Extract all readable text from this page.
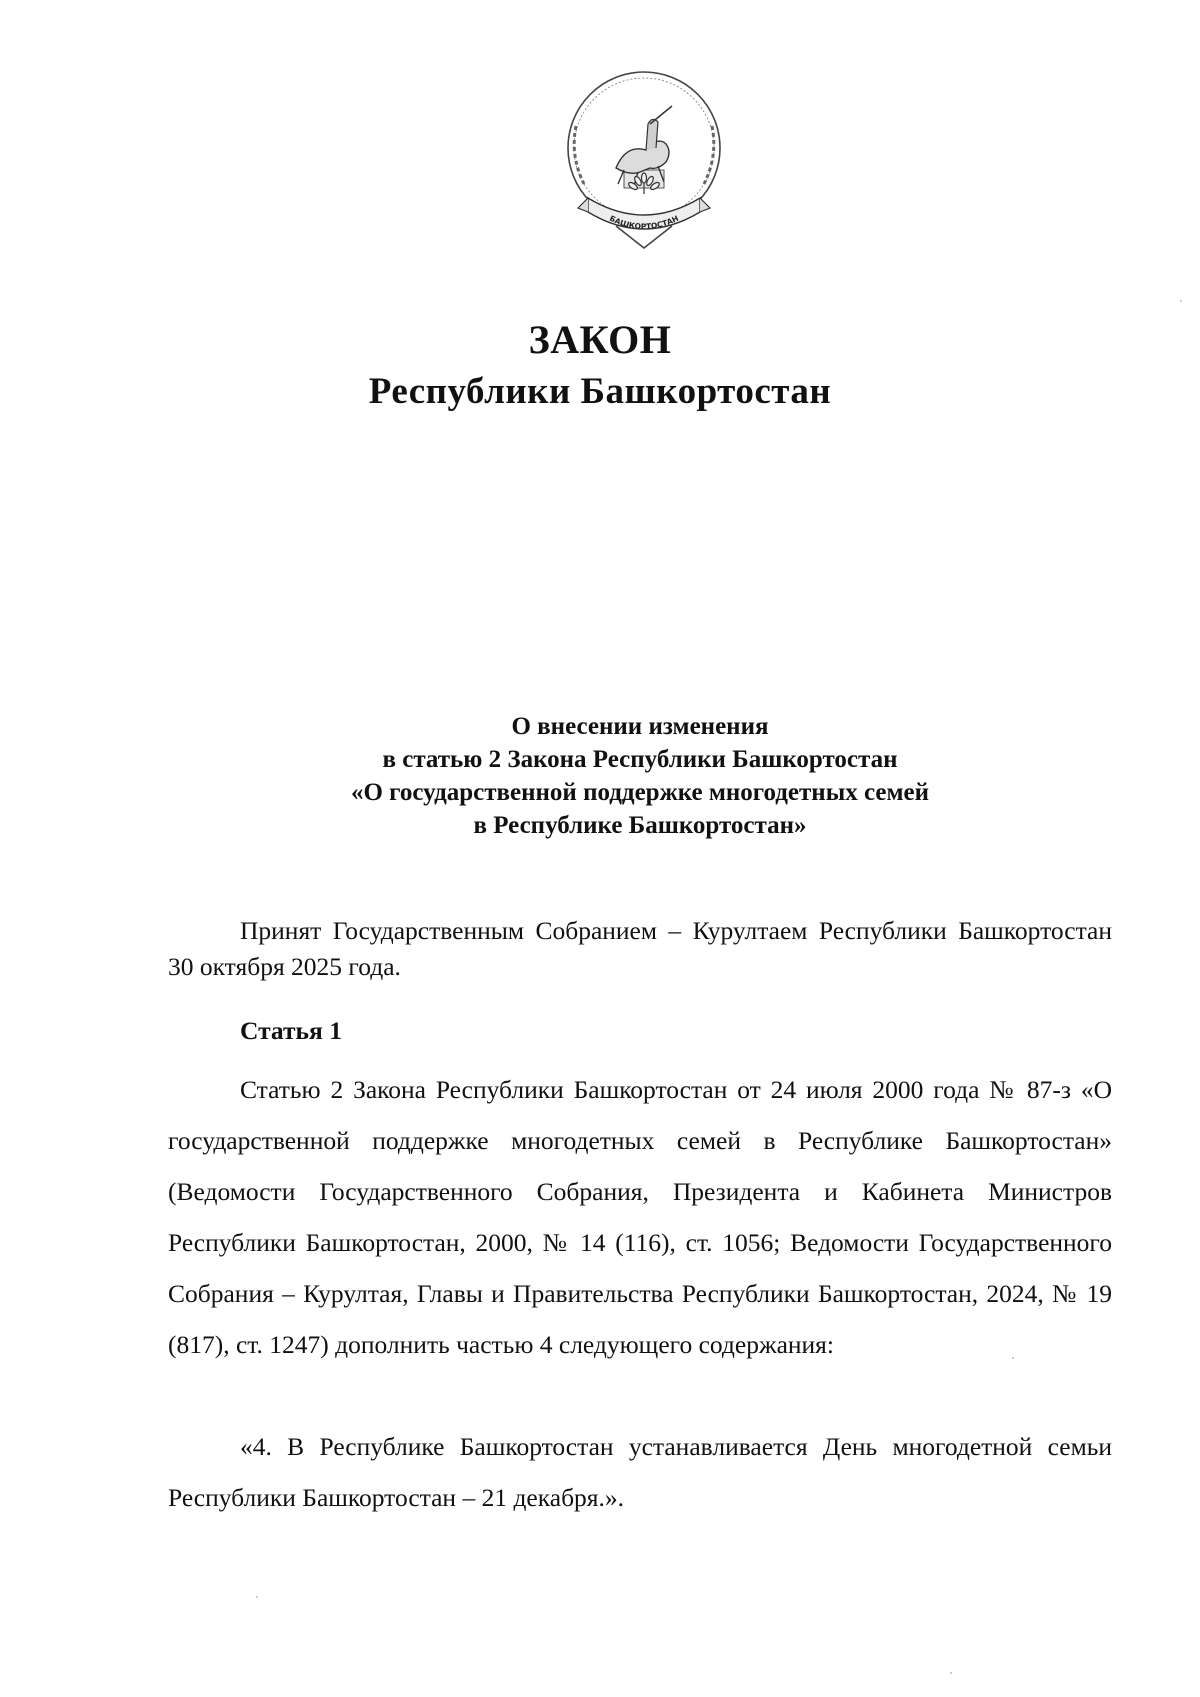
БАШКОРТОСТАН
ЗАКОН
Республики Башкортостан
О внесении изменения
в статью 2 Закона Республики Башкортостан
«О государственной поддержке многодетных семей
в Республике Башкортостан»
Принят Государственным Собранием – Курултаем Республики Башкортостан 30 октября 2025 года.
Статья 1
Статью 2 Закона Республики Башкортостан от 24 июля 2000 года № 87-з «О государственной поддержке многодетных семей в Республике Башкортостан» (Ведомости Государственного Собрания, Президента и Кабинета Министров Республики Башкортостан, 2000, № 14 (116), ст. 1056; Ведомости Государственного Собрания – Курултая, Главы и Правительства Республики Башкортостан, 2024, № 19 (817), ст. 1247) дополнить частью 4 следующего содержания:
«4. В Республике Башкортостан устанавливается День многодетной семьи Республики Башкортостан – 21 декабря.».
